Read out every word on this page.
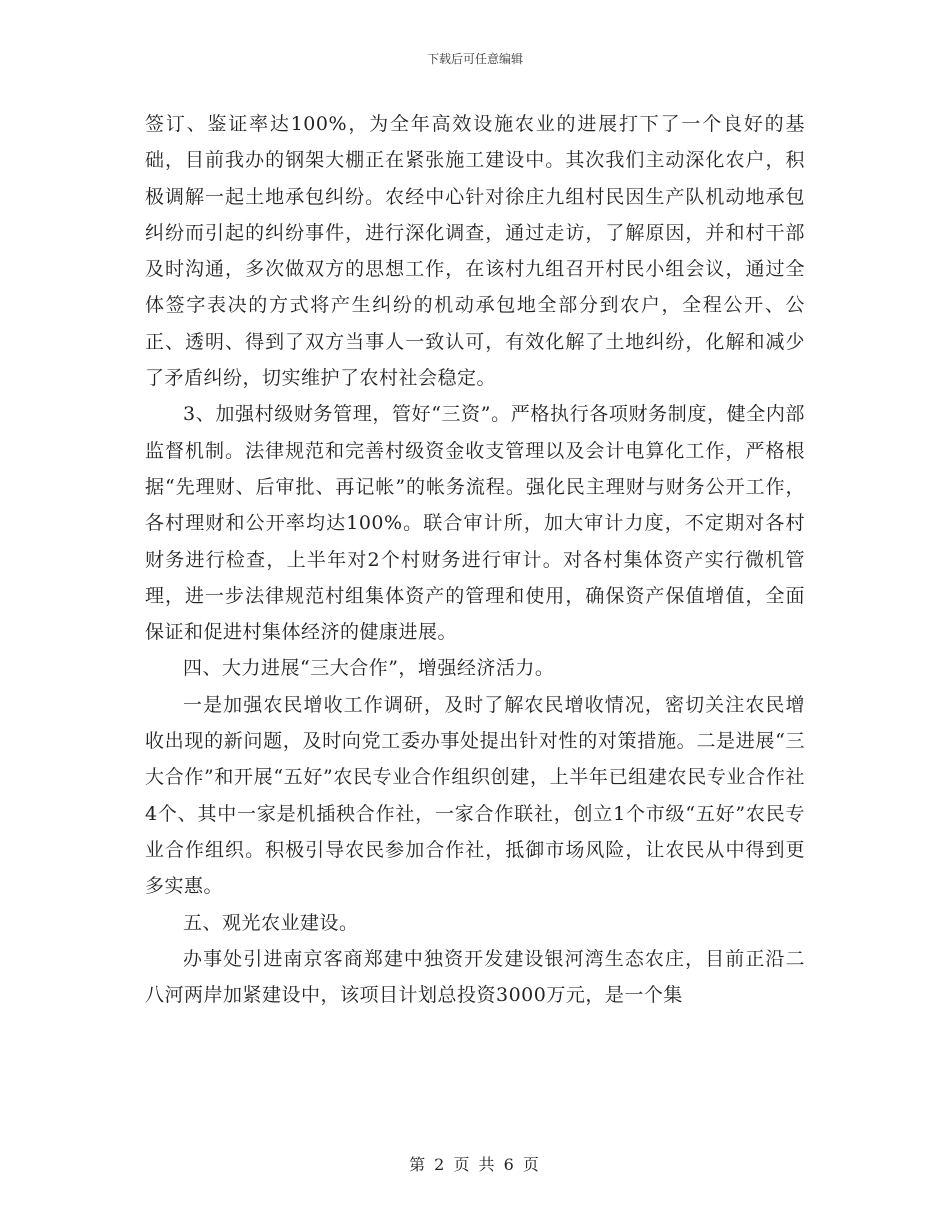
下载后可任意编辑

签订、鉴证率达100%，为全年高效设施农业的进展打下了一个良好的基础，目前我办的钢架大棚正在紧张施工建设中。其次我们主动深化农户，积极调解一起土地承包纠纷。农经中心针对徐庄九组村民因生产队机动地承包纠纷而引起的纠纷事件，进行深化调查，通过走访，了解原因，并和村干部及时沟通，多次做双方的思想工作，在该村九组召开村民小组会议，通过全体签字表决的方式将产生纠纷的机动承包地全部分到农户，全程公开、公正、透明、得到了双方当事人一致认可，有效化解了土地纠纷，化解和减少了矛盾纠纷，切实维护了农村社会稳定。

3、加强村级财务管理，管好“三资”。严格执行各项财务制度，健全内部监督机制。法律规范和完善村级资金收支管理以及会计电算化工作，严格根据“先理财、后审批、再记帐”的帐务流程。强化民主理财与财务公开工作，各村理财和公开率均达100%。联合审计所，加大审计力度，不定期对各村财务进行检查，上半年对2个村财务进行审计。对各村集体资产实行微机管理，进一步法律规范村组集体资产的管理和使用，确保资产保值增值，全面保证和促进村集体经济的健康进展。

四、大力进展“三大合作”，增强经济活力。

一是加强农民增收工作调研，及时了解农民增收情况，密切关注农民增收出现的新问题，及时向党工委办事处提出针对性的对策措施。二是进展“三大合作”和开展“五好”农民专业合作组织创建，上半年已组建农民专业合作社4个、其中一家是机插秧合作社，一家合作联社，创立1个市级“五好”农民专业合作组织。积极引导农民参加合作社，抵御市场风险，让农民从中得到更多实惠。

五、观光农业建设。

办事处引进南京客商郑建中独资开发建设银河湾生态农庄，目前正沿二八河两岸加紧建设中，该项目计划总投资3000万元，是一个集

第 2 页 共 6 页
